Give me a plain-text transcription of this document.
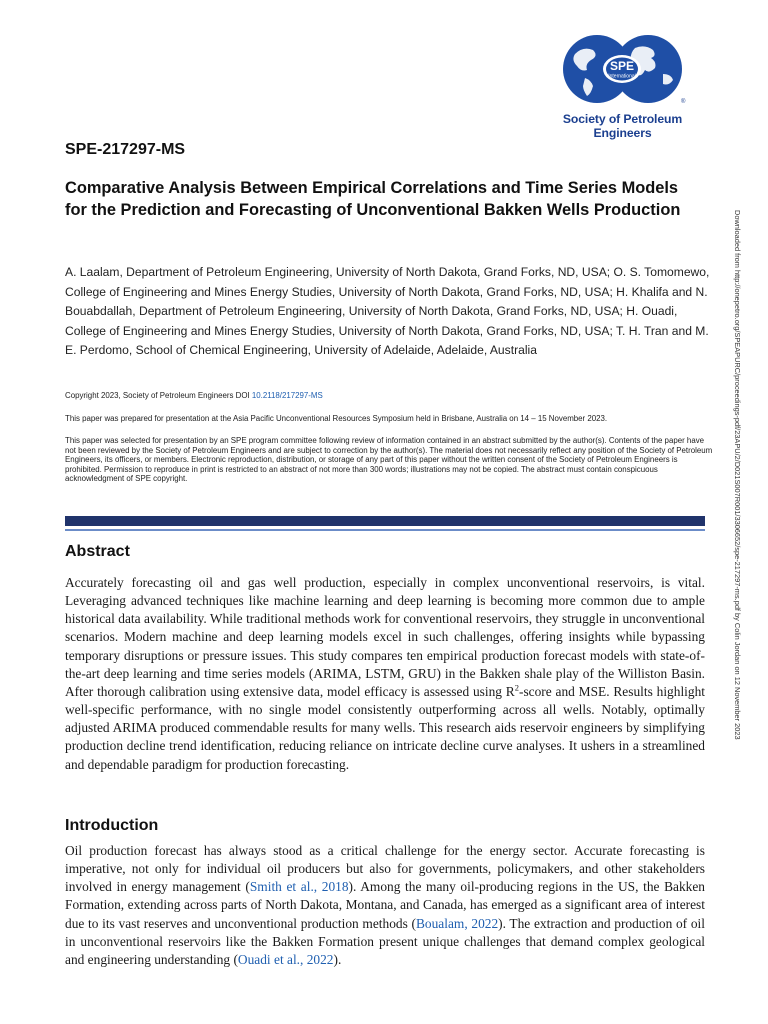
SPE
International
®
Society of Petroleum Engineers
Downloaded from http://onepetro.org/SPEAPURC/proceedings-pdf/23APU/2/D021S007R001/3306652/spe-217297-ms.pdf by Colin Jordan on 12 November 2023
SPE-217297-MS
Comparative Analysis Between Empirical Correlations and Time Series Models for the Prediction and Forecasting of Unconventional Bakken Wells Production
A. Laalam, Department of Petroleum Engineering, University of North Dakota, Grand Forks, ND, USA; O. S. Tomomewo, College of Engineering and Mines Energy Studies, University of North Dakota, Grand Forks, ND, USA; H. Khalifa and N. Bouabdallah, Department of Petroleum Engineering, University of North Dakota, Grand Forks, ND, USA; H. Ouadi, College of Engineering and Mines Energy Studies, University of North Dakota, Grand Forks, ND, USA; T. H. Tran and M. E. Perdomo, School of Chemical Engineering, University of Adelaide, Adelaide, Australia
Copyright 2023, Society of Petroleum Engineers DOI 10.2118/217297-MS
This paper was prepared for presentation at the Asia Pacific Unconventional Resources Symposium held in Brisbane, Australia on 14 – 15 November 2023.
This paper was selected for presentation by an SPE program committee following review of information contained in an abstract submitted by the author(s). Contents of the paper have not been reviewed by the Society of Petroleum Engineers and are subject to correction by the author(s). The material does not necessarily reflect any position of the Society of Petroleum Engineers, its officers, or members. Electronic reproduction, distribution, or storage of any part of this paper without the written consent of the Society of Petroleum Engineers is prohibited. Permission to reproduce in print is restricted to an abstract of not more than 300 words; illustrations may not be copied. The abstract must contain conspicuous acknowledgment of SPE copyright.
Abstract
Accurately forecasting oil and gas well production, especially in complex unconventional reservoirs, is vital. Leveraging advanced techniques like machine learning and deep learning is becoming more common due to ample historical data availability. While traditional methods work for conventional reservoirs, they struggle in unconventional scenarios. Modern machine and deep learning models excel in such challenges, offering insights while bypassing temporary disruptions or pressure issues. This study compares ten empirical production forecast models with state-of-the-art deep learning and time series models (ARIMA, LSTM, GRU) in the Bakken shale play of the Williston Basin. After thorough calibration using extensive data, model efficacy is assessed using $R^2$-score and MSE. Results highlight well-specific performance, with no single model consistently outperforming across all wells. Notably, optimally adjusted ARIMA produced commendable results for many wells. This research aids reservoir engineers by simplifying production decline trend identification, reducing reliance on intricate decline curve analyses. It ushers in a streamlined and dependable paradigm for production forecasting.
Introduction
Oil production forecast has always stood as a critical challenge for the energy sector. Accurate forecasting is imperative, not only for individual oil producers but also for governments, policymakers, and other stakeholders involved in energy management (Smith et al., 2018). Among the many oil-producing regions in the US, the Bakken Formation, extending across parts of North Dakota, Montana, and Canada, has emerged as a significant area of interest due to its vast reserves and unconventional production methods (Boualam, 2022). The extraction and production of oil in unconventional reservoirs like the Bakken Formation present unique challenges that demand complex geological and engineering understanding (Ouadi et al., 2022).
